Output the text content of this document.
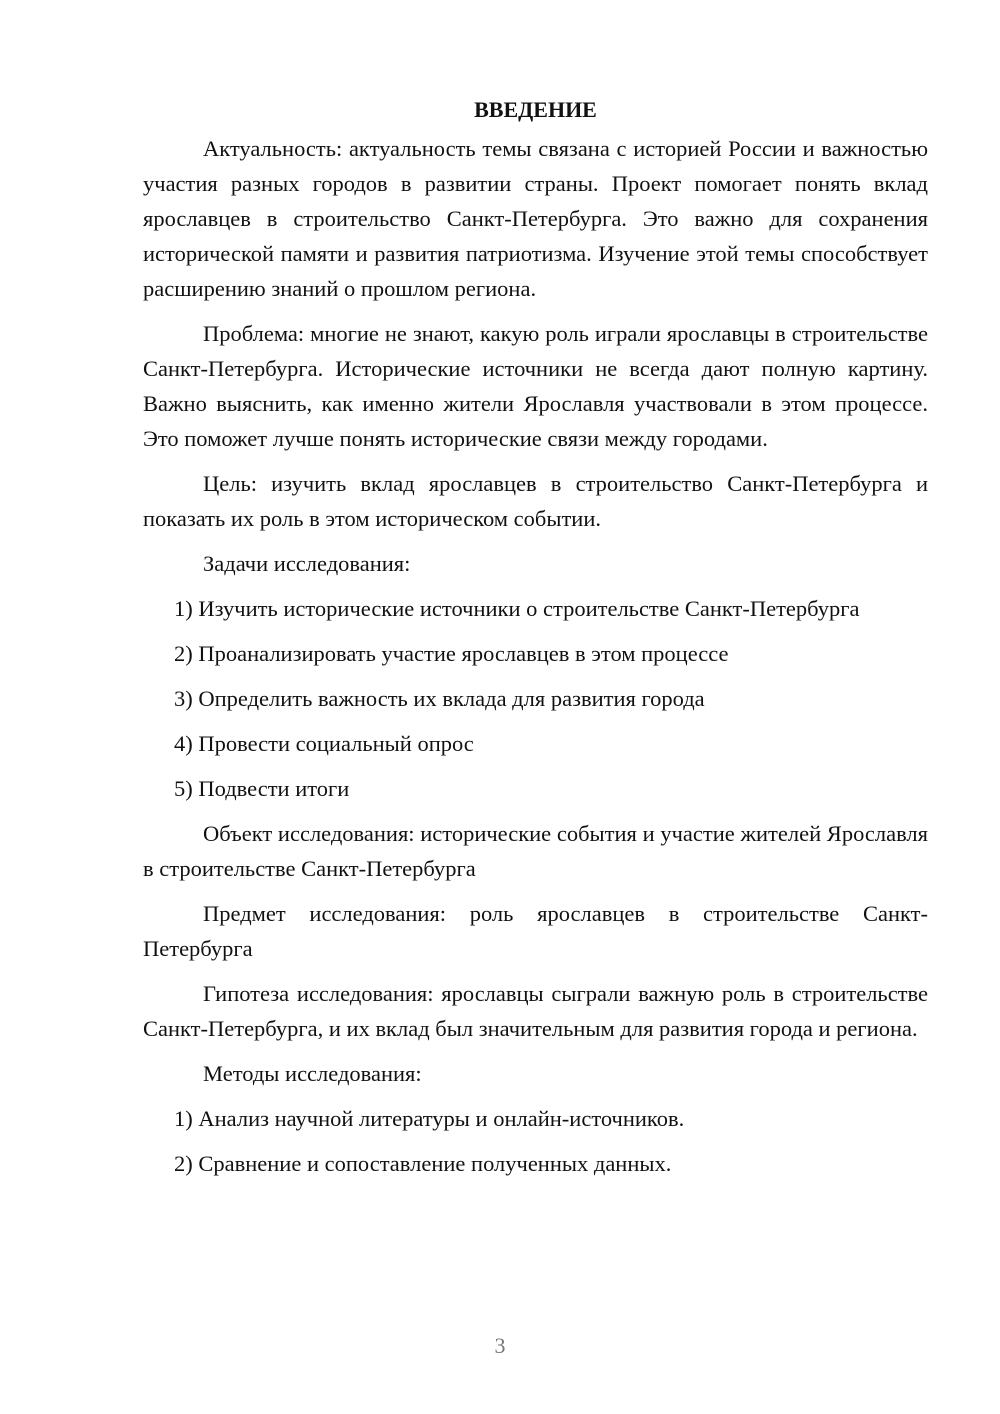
ВВЕДЕНИЕ

Актуальность: актуальность темы связана с историей России и важностью участия разных городов в развитии страны. Проект помогает понять вклад ярославцев в строительство Санкт-Петербурга. Это важно для сохранения исторической памяти и развития патриотизма. Изучение этой темы способствует расширению знаний о прошлом региона.

Проблема: многие не знают, какую роль играли ярославцы в строительстве Санкт-Петербурга. Исторические источники не всегда дают полную картину. Важно выяснить, как именно жители Ярославля участвовали в этом процессе. Это поможет лучше понять исторические связи между городами.

Цель: изучить вклад ярославцев в строительство Санкт-Петербурга и показать их роль в этом историческом событии.

Задачи исследования:

1) Изучить исторические источники о строительстве Санкт-Петербурга

2) Проанализировать участие ярославцев в этом процессе

3) Определить важность их вклада для развития города

4) Провести социальный опрос

5) Подвести итоги

Объект исследования: исторические события и участие жителей Ярославля в строительстве Санкт-Петербурга

Предмет исследования: роль ярославцев в строительстве Санкт-Петербурга

Гипотеза исследования: ярославцы сыграли важную роль в строительстве Санкт-Петербурга, и их вклад был значительным для развития города и региона.

Методы исследования:

1) Анализ научной литературы и онлайн-источников.

2) Сравнение и сопоставление полученных данных.

3
